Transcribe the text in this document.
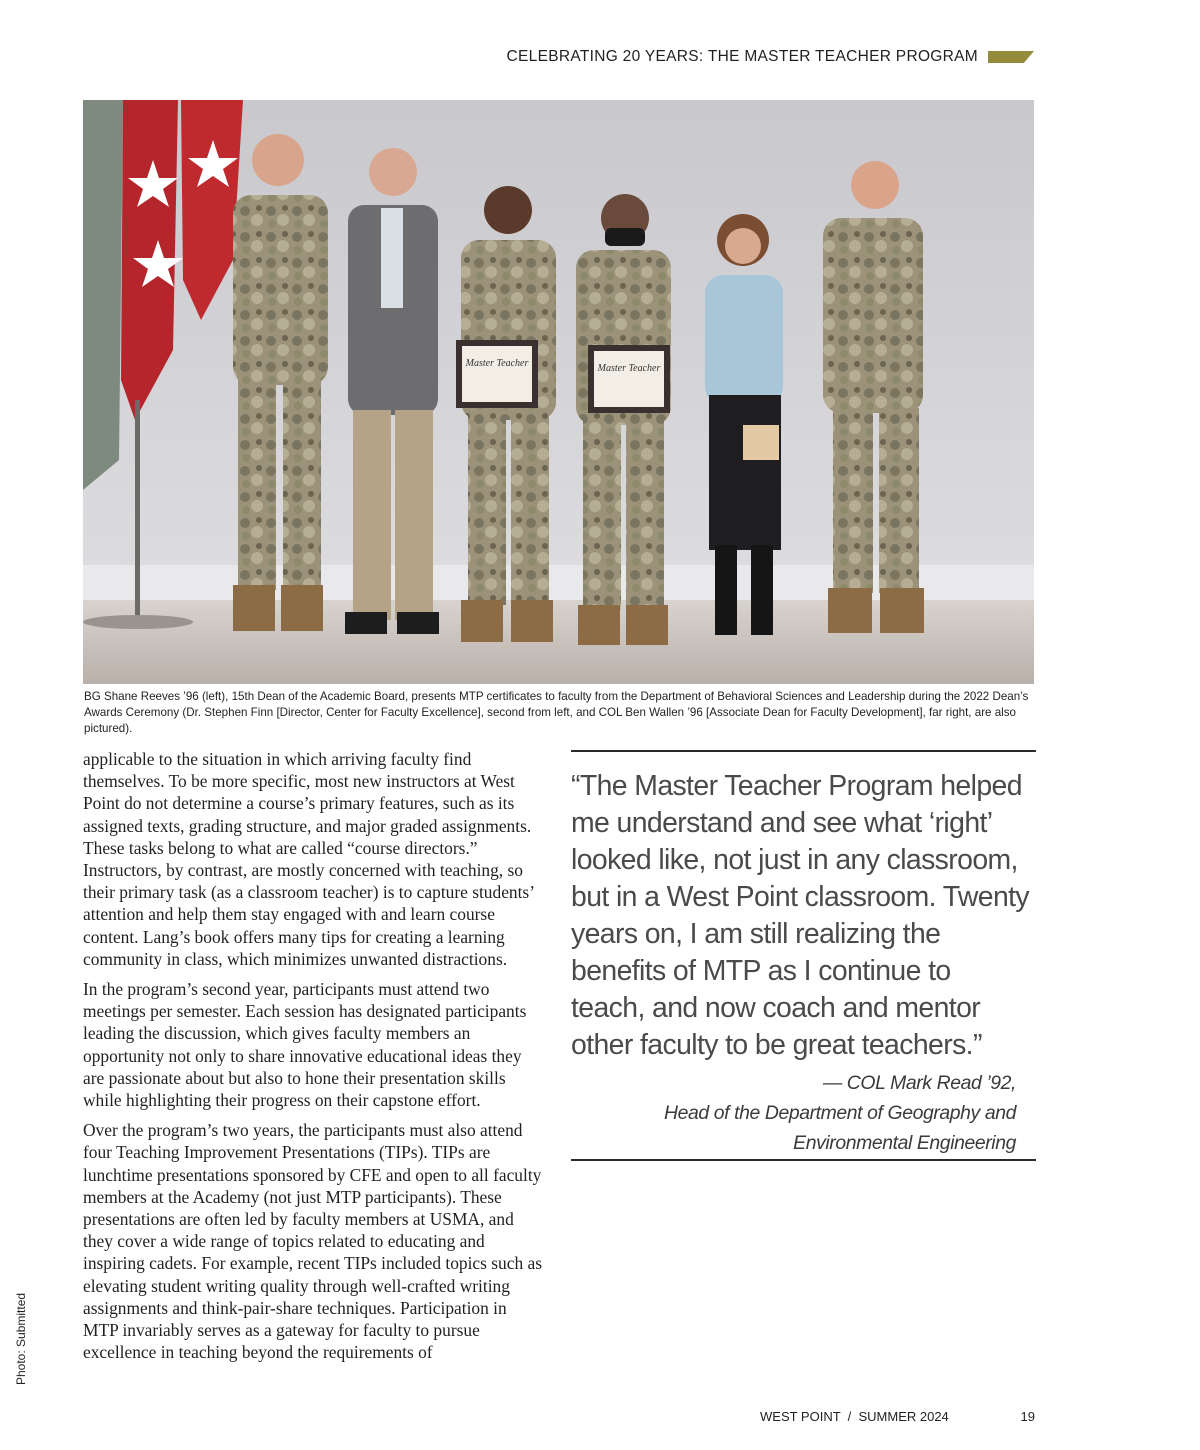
CELEBRATING 20 YEARS: THE MASTER TEACHER PROGRAM
Master Teacher	Master Teacher
BG Shane Reeves ’96 (left), 15th Dean of the Academic Board, presents MTP certificates to faculty from the Department of Behavioral Sciences and Leadership during the 2022 Dean’s Awards Ceremony (Dr. Stephen Finn [Director, Center for Faculty Excellence], second from left, and COL Ben Wallen ’96 [Associate Dean for Faculty Development], far right, are also pictured).

applicable to the situation in which arriving faculty find themselves. To be more specific, most new instructors at West Point do not determine a course’s primary features, such as its assigned texts, grading structure, and major graded assignments. These tasks belong to what are called “course directors.” Instructors, by contrast, are mostly concerned with teaching, so their primary task (as a classroom teacher) is to capture students’ attention and help them stay engaged with and learn course content. Lang’s book offers many tips for creating a learning community in class, which minimizes unwanted distractions.

In the program’s second year, participants must attend two meetings per semester. Each session has designated participants leading the discussion, which gives faculty members an opportunity not only to share innovative educational ideas they are passionate about but also to hone their presentation skills while highlighting their progress on their capstone effort.

Over the program’s two years, the participants must also attend four Teaching Improvement Presentations (TIPs). TIPs are lunchtime presentations sponsored by CFE and open to all faculty members at the Academy (not just MTP participants). These presentations are often led by faculty members at USMA, and they cover a wide range of topics related to educating and inspiring cadets. For example, recent TIPs included topics such as elevating student writing quality through well-crafted writing assignments and think-pair-share techniques. Participation in MTP invariably serves as a gateway for faculty to pursue excellence in teaching beyond the requirements of

“The Master Teacher Program helped me understand and see what ‘right’ looked like, not just in any classroom, but in a West Point classroom. Twenty years on, I am still realizing the benefits of MTP as I continue to teach, and now coach and mentor other faculty to be great teachers.”
— COL Mark Read ’92,
Head of the Department of Geography and
Environmental Engineering
Photo: Submitted
WEST POINT  /  SUMMER 2024	19
